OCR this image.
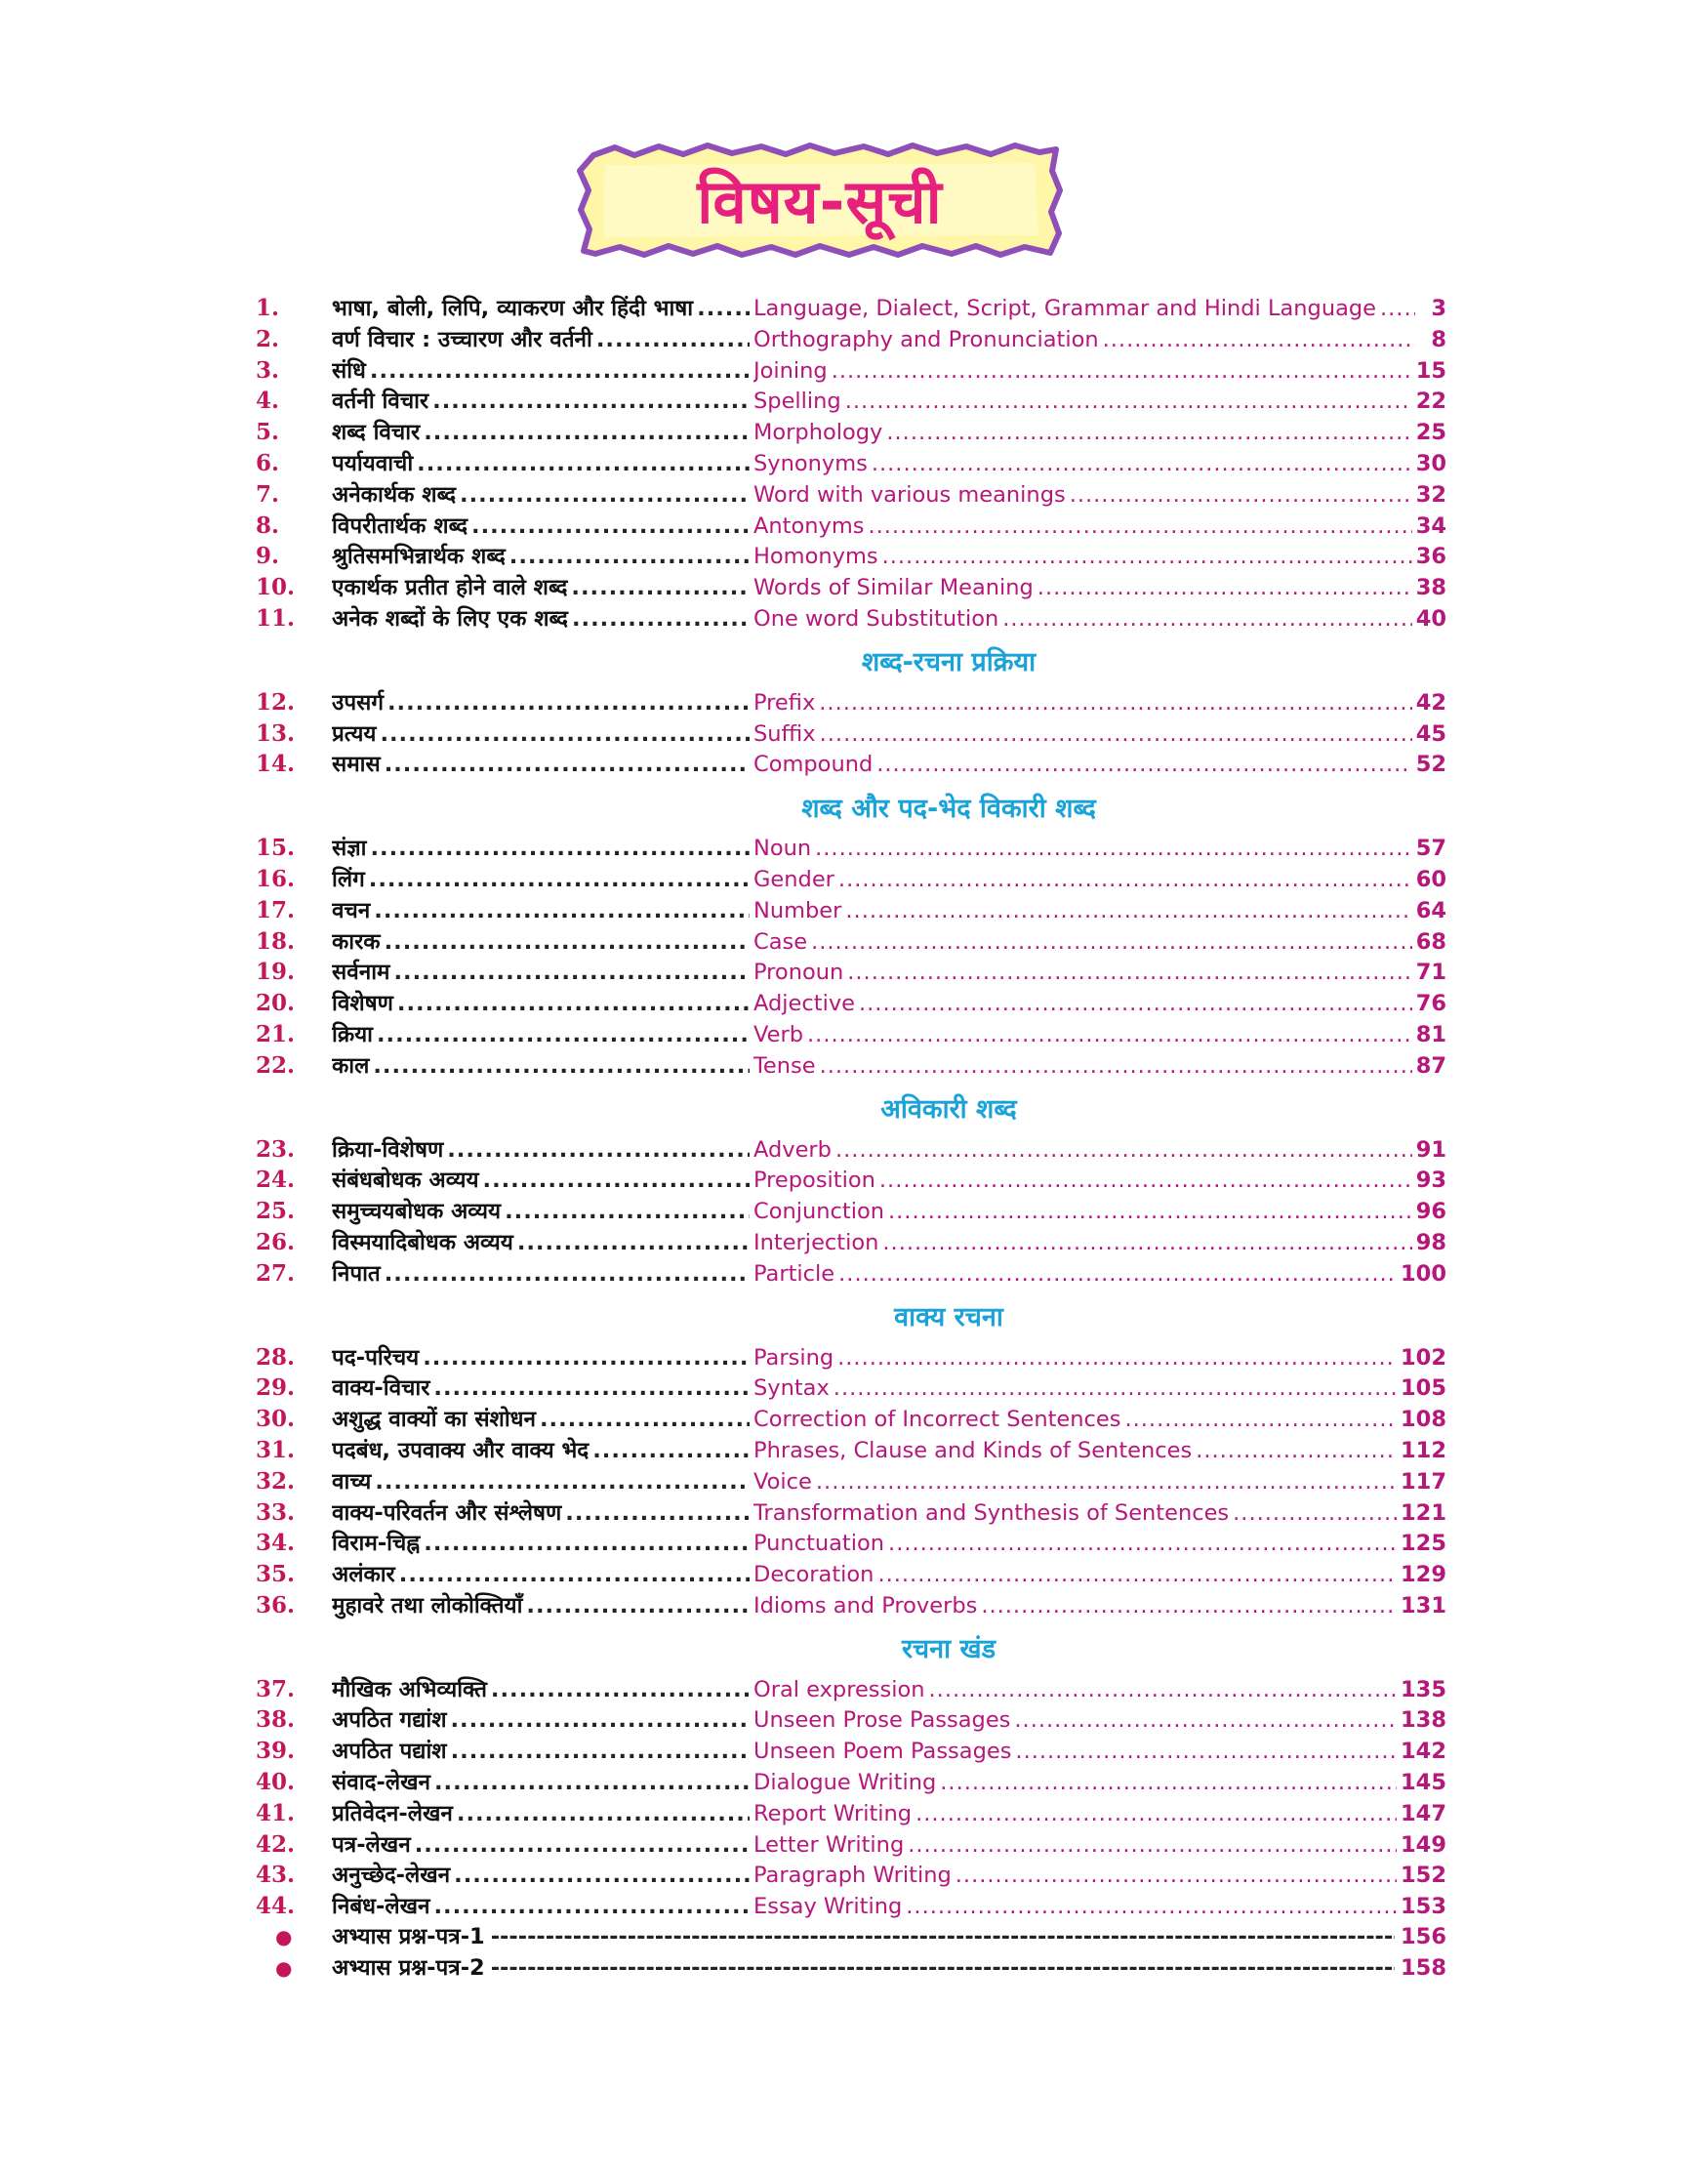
विषय-सूची
1.	भाषा, बोली, लिपि, व्याकरण और हिंदी भाषा .....	Language, Dialect, Script, Grammar and Hindi Language .....	3
2.	वर्ण विचार : उच्चारण और वर्तनी .....	Orthography and Pronunciation .....	8
3.	संधि .....	Joining .....	15
4.	वर्तनी विचार .....	Spelling .....	22
5.	शब्द विचार .....	Morphology .....	25
6.	पर्यायवाची .....	Synonyms .....	30
7.	अनेकार्थक शब्द .....	Word with various meanings .....	32
8.	विपरीतार्थक शब्द .....	Antonyms .....	34
9.	श्रुतिसमभिन्नार्थक शब्द .....	Homonyms .....	36
10.	एकार्थक प्रतीत होने वाले शब्द .....	Words of Similar Meaning .....	38
11.	अनेक शब्दों के लिए एक शब्द .....	One word Substitution .....	40
शब्द-रचना प्रक्रिया
12.	उपसर्ग .....	Prefix .....	42
13.	प्रत्यय .....	Suffix .....	45
14.	समास .....	Compound .....	52
शब्द और पद-भेद विकारी शब्द
15.	संज्ञा .....	Noun .....	57
16.	लिंग .....	Gender .....	60
17.	वचन .....	Number .....	64
18.	कारक .....	Case .....	68
19.	सर्वनाम .....	Pronoun .....	71
20.	विशेषण .....	Adjective .....	76
21.	क्रिया .....	Verb .....	81
22.	काल .....	Tense .....	87
अविकारी शब्द
23.	क्रिया-विशेषण .....	Adverb .....	91
24.	संबंधबोधक अव्यय .....	Preposition .....	93
25.	समुच्चयबोधक अव्यय .....	Conjunction .....	96
26.	विस्मयादिबोधक अव्यय .....	Interjection .....	98
27.	निपात .....	Particle .....	100
वाक्य रचना
28.	पद-परिचय .....	Parsing .....	102
29.	वाक्य-विचार .....	Syntax .....	105
30.	अशुद्ध वाक्यों का संशोधन .....	Correction of Incorrect Sentences .....	108
31.	पदबंध, उपवाक्य और वाक्य भेद .....	Phrases, Clause and Kinds of Sentences .....	112
32.	वाच्य .....	Voice .....	117
33.	वाक्य-परिवर्तन और संश्लेषण .....	Transformation and Synthesis of Sentences .....	121
34.	विराम-चिह्न .....	Punctuation .....	125
35.	अलंकार .....	Decoration .....	129
36.	मुहावरे तथा लोकोक्तियाँ .....	Idioms and Proverbs .....	131
रचना खंड
37.	मौखिक अभिव्यक्ति .....	Oral expression .....	135
38.	अपठित गद्यांश .....	Unseen Prose Passages .....	138
39.	अपठित पद्यांश .....	Unseen Poem Passages .....	142
40.	संवाद-लेखन .....	Dialogue Writing .....	145
41.	प्रतिवेदन-लेखन .....	Report Writing .....	147
42.	पत्र-लेखन .....	Letter Writing .....	149
43.	अनुच्छेद-लेखन .....	Paragraph Writing .....	152
44.	निबंध-लेखन .....	Essay Writing .....	153
●	अभ्यास प्रश्न-पत्र-1 -----	156
●	अभ्यास प्रश्न-पत्र-2 -----	158
